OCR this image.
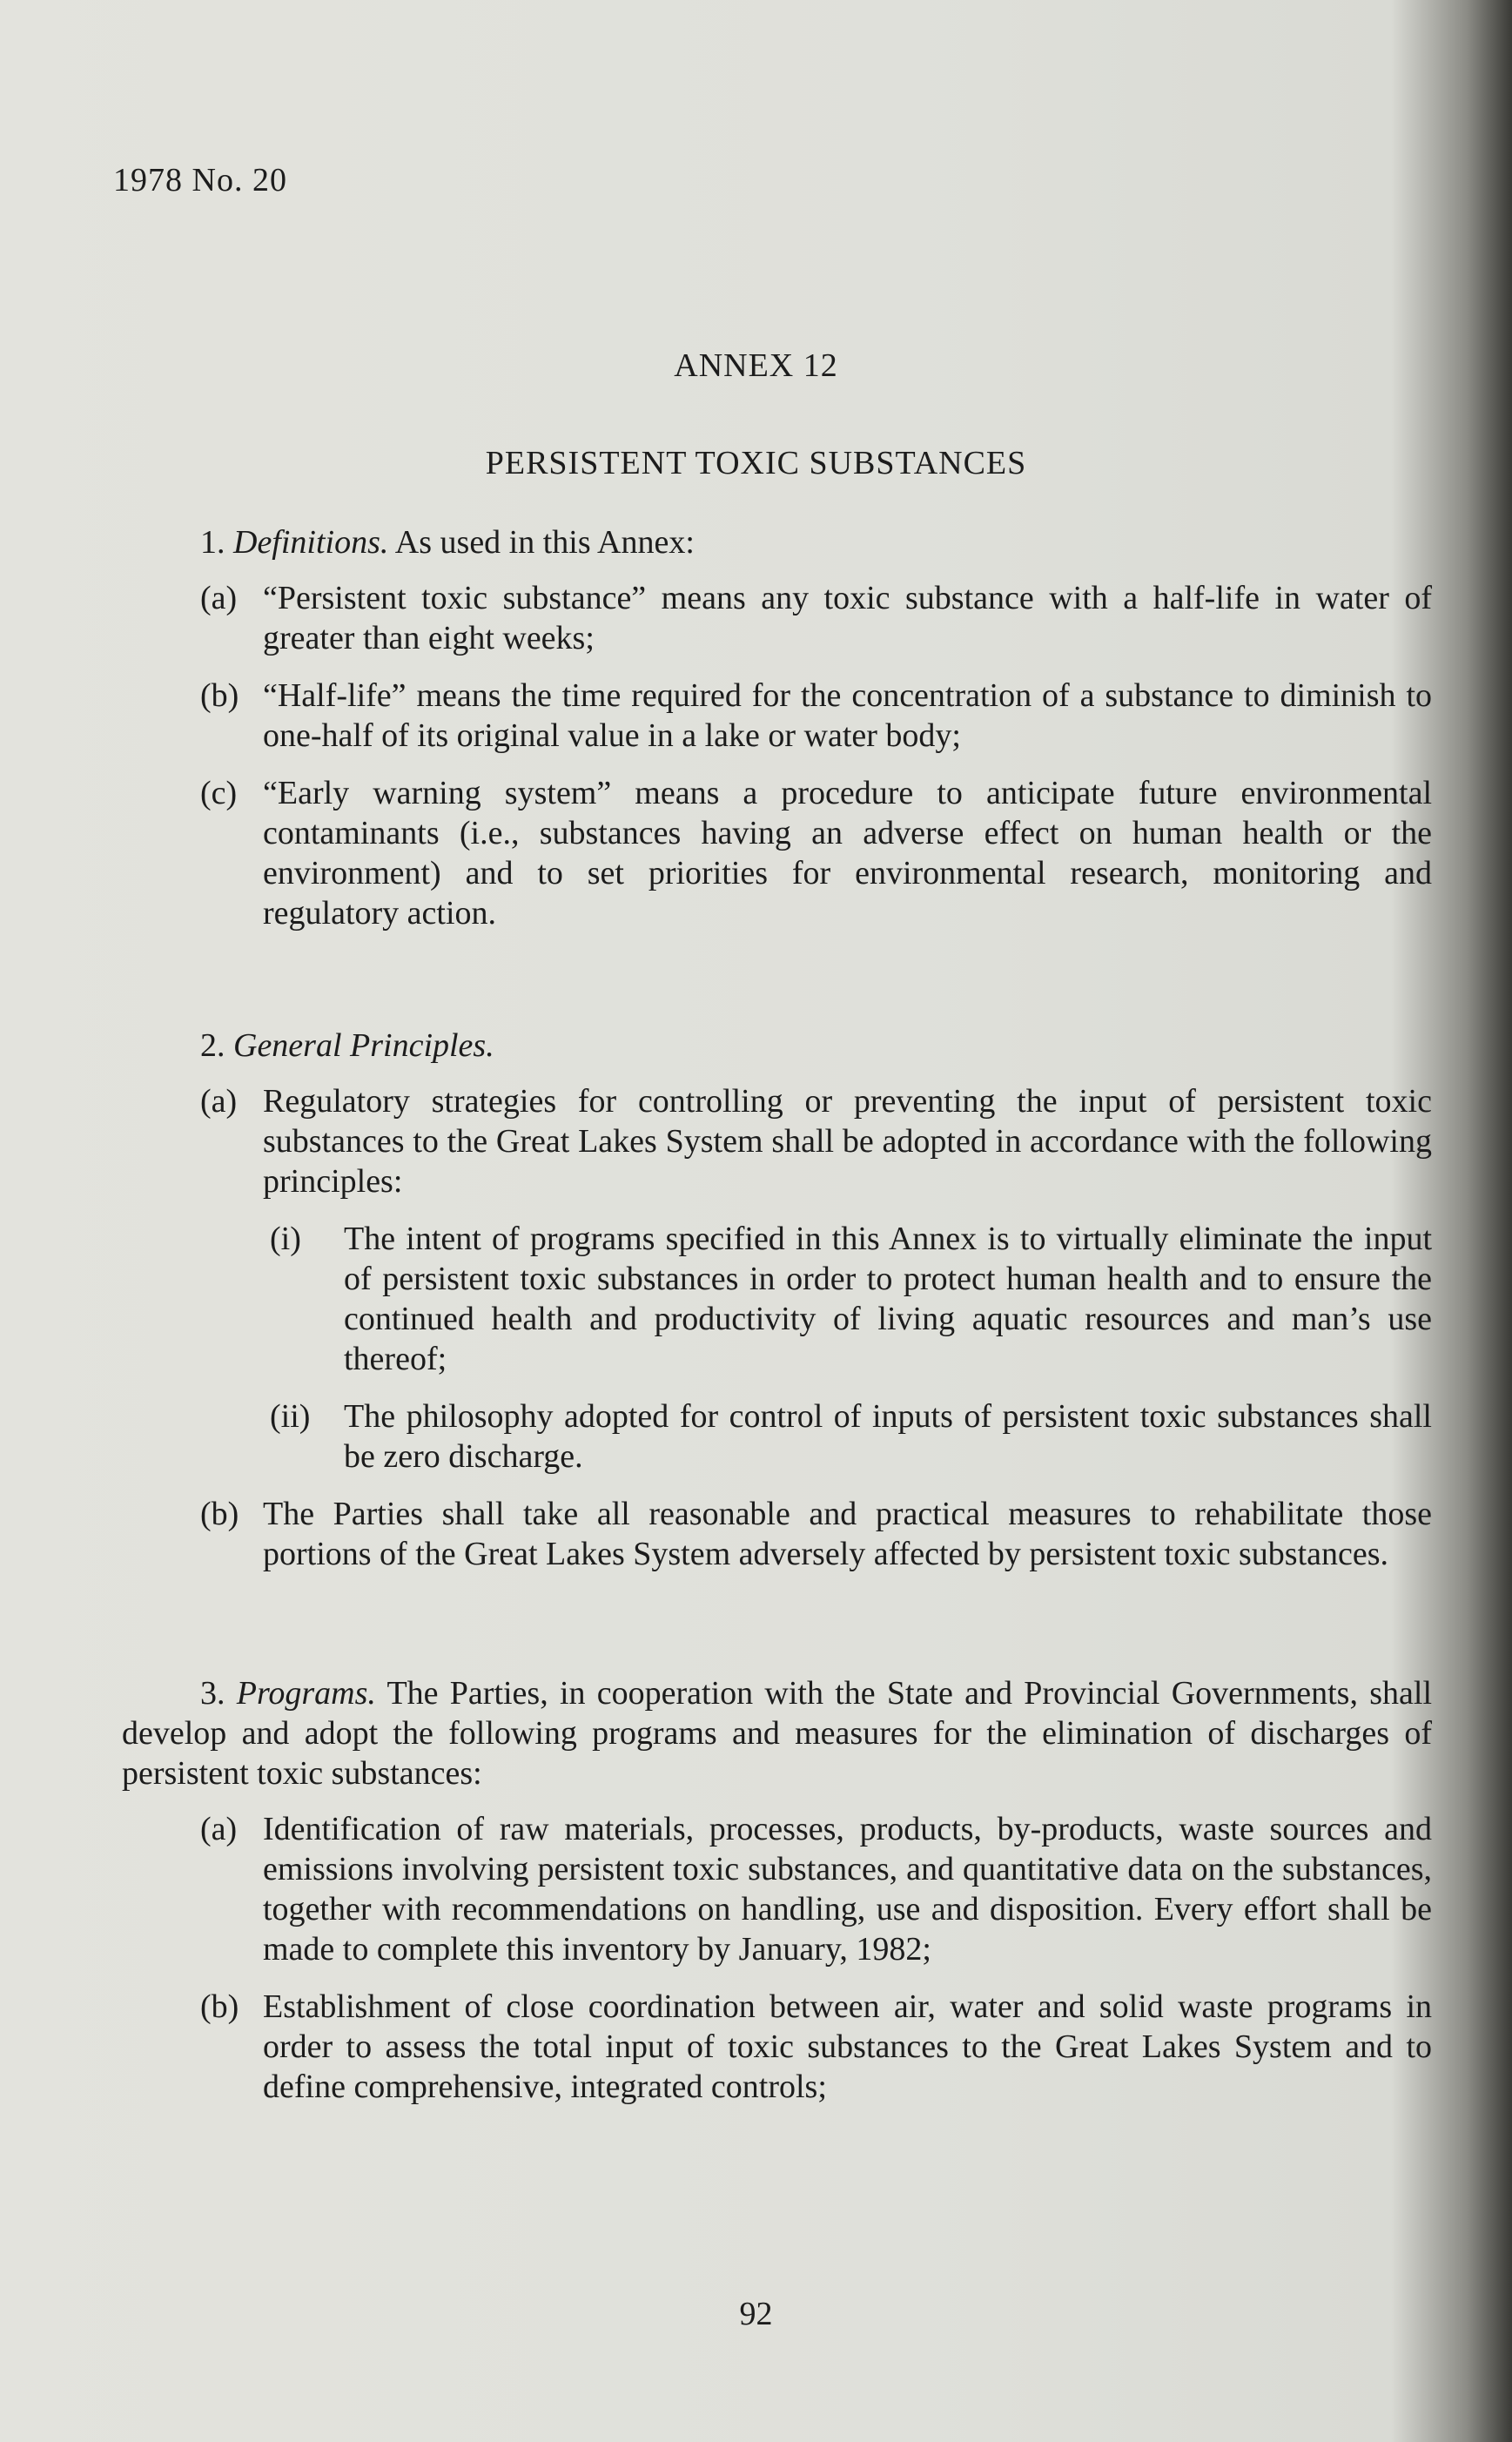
1978 No. 20
ANNEX 12
PERSISTENT TOXIC SUBSTANCES

1. Definitions. As used in this Annex:

(a) “Persistent toxic substance” means any toxic substance with a half-life in water of greater than eight weeks;
(b) “Half-life” means the time required for the concentration of a substance to diminish to one-half of its original value in a lake or water body;
(c) “Early warning system” means a procedure to anticipate future environmental contaminants (i.e., substances having an adverse effect on human health or the environment) and to set priorities for environmental research, monitoring and regulatory action.

2. General Principles.

(a) Regulatory strategies for controlling or preventing the input of persistent toxic substances to the Great Lakes System shall be adopted in accordance with the following principles:
(i)	The intent of programs specified in this Annex is to virtually eliminate the input of persistent toxic substances in order to protect human health and to ensure the continued health and productivity of living aquatic resources and man’s use thereof;
(ii)	The philosophy adopted for control of inputs of persistent toxic substances shall be zero discharge.
(b) The Parties shall take all reasonable and practical measures to rehabilitate those portions of the Great Lakes System adversely affected by persistent toxic substances.

3. Programs. The Parties, in cooperation with the State and Provincial Governments, shall develop and adopt the following programs and measures for the elimination of discharges of persistent toxic substances:

(a) Identification of raw materials, processes, products, by-products, waste sources and emissions involving persistent toxic substances, and quantitative data on the substances, together with recommendations on handling, use and disposition. Every effort shall be made to complete this inventory by January, 1982;
(b) Establishment of close coordination between air, water and solid waste programs in order to assess the total input of toxic substances to the Great Lakes System and to define comprehensive, integrated controls;
92
